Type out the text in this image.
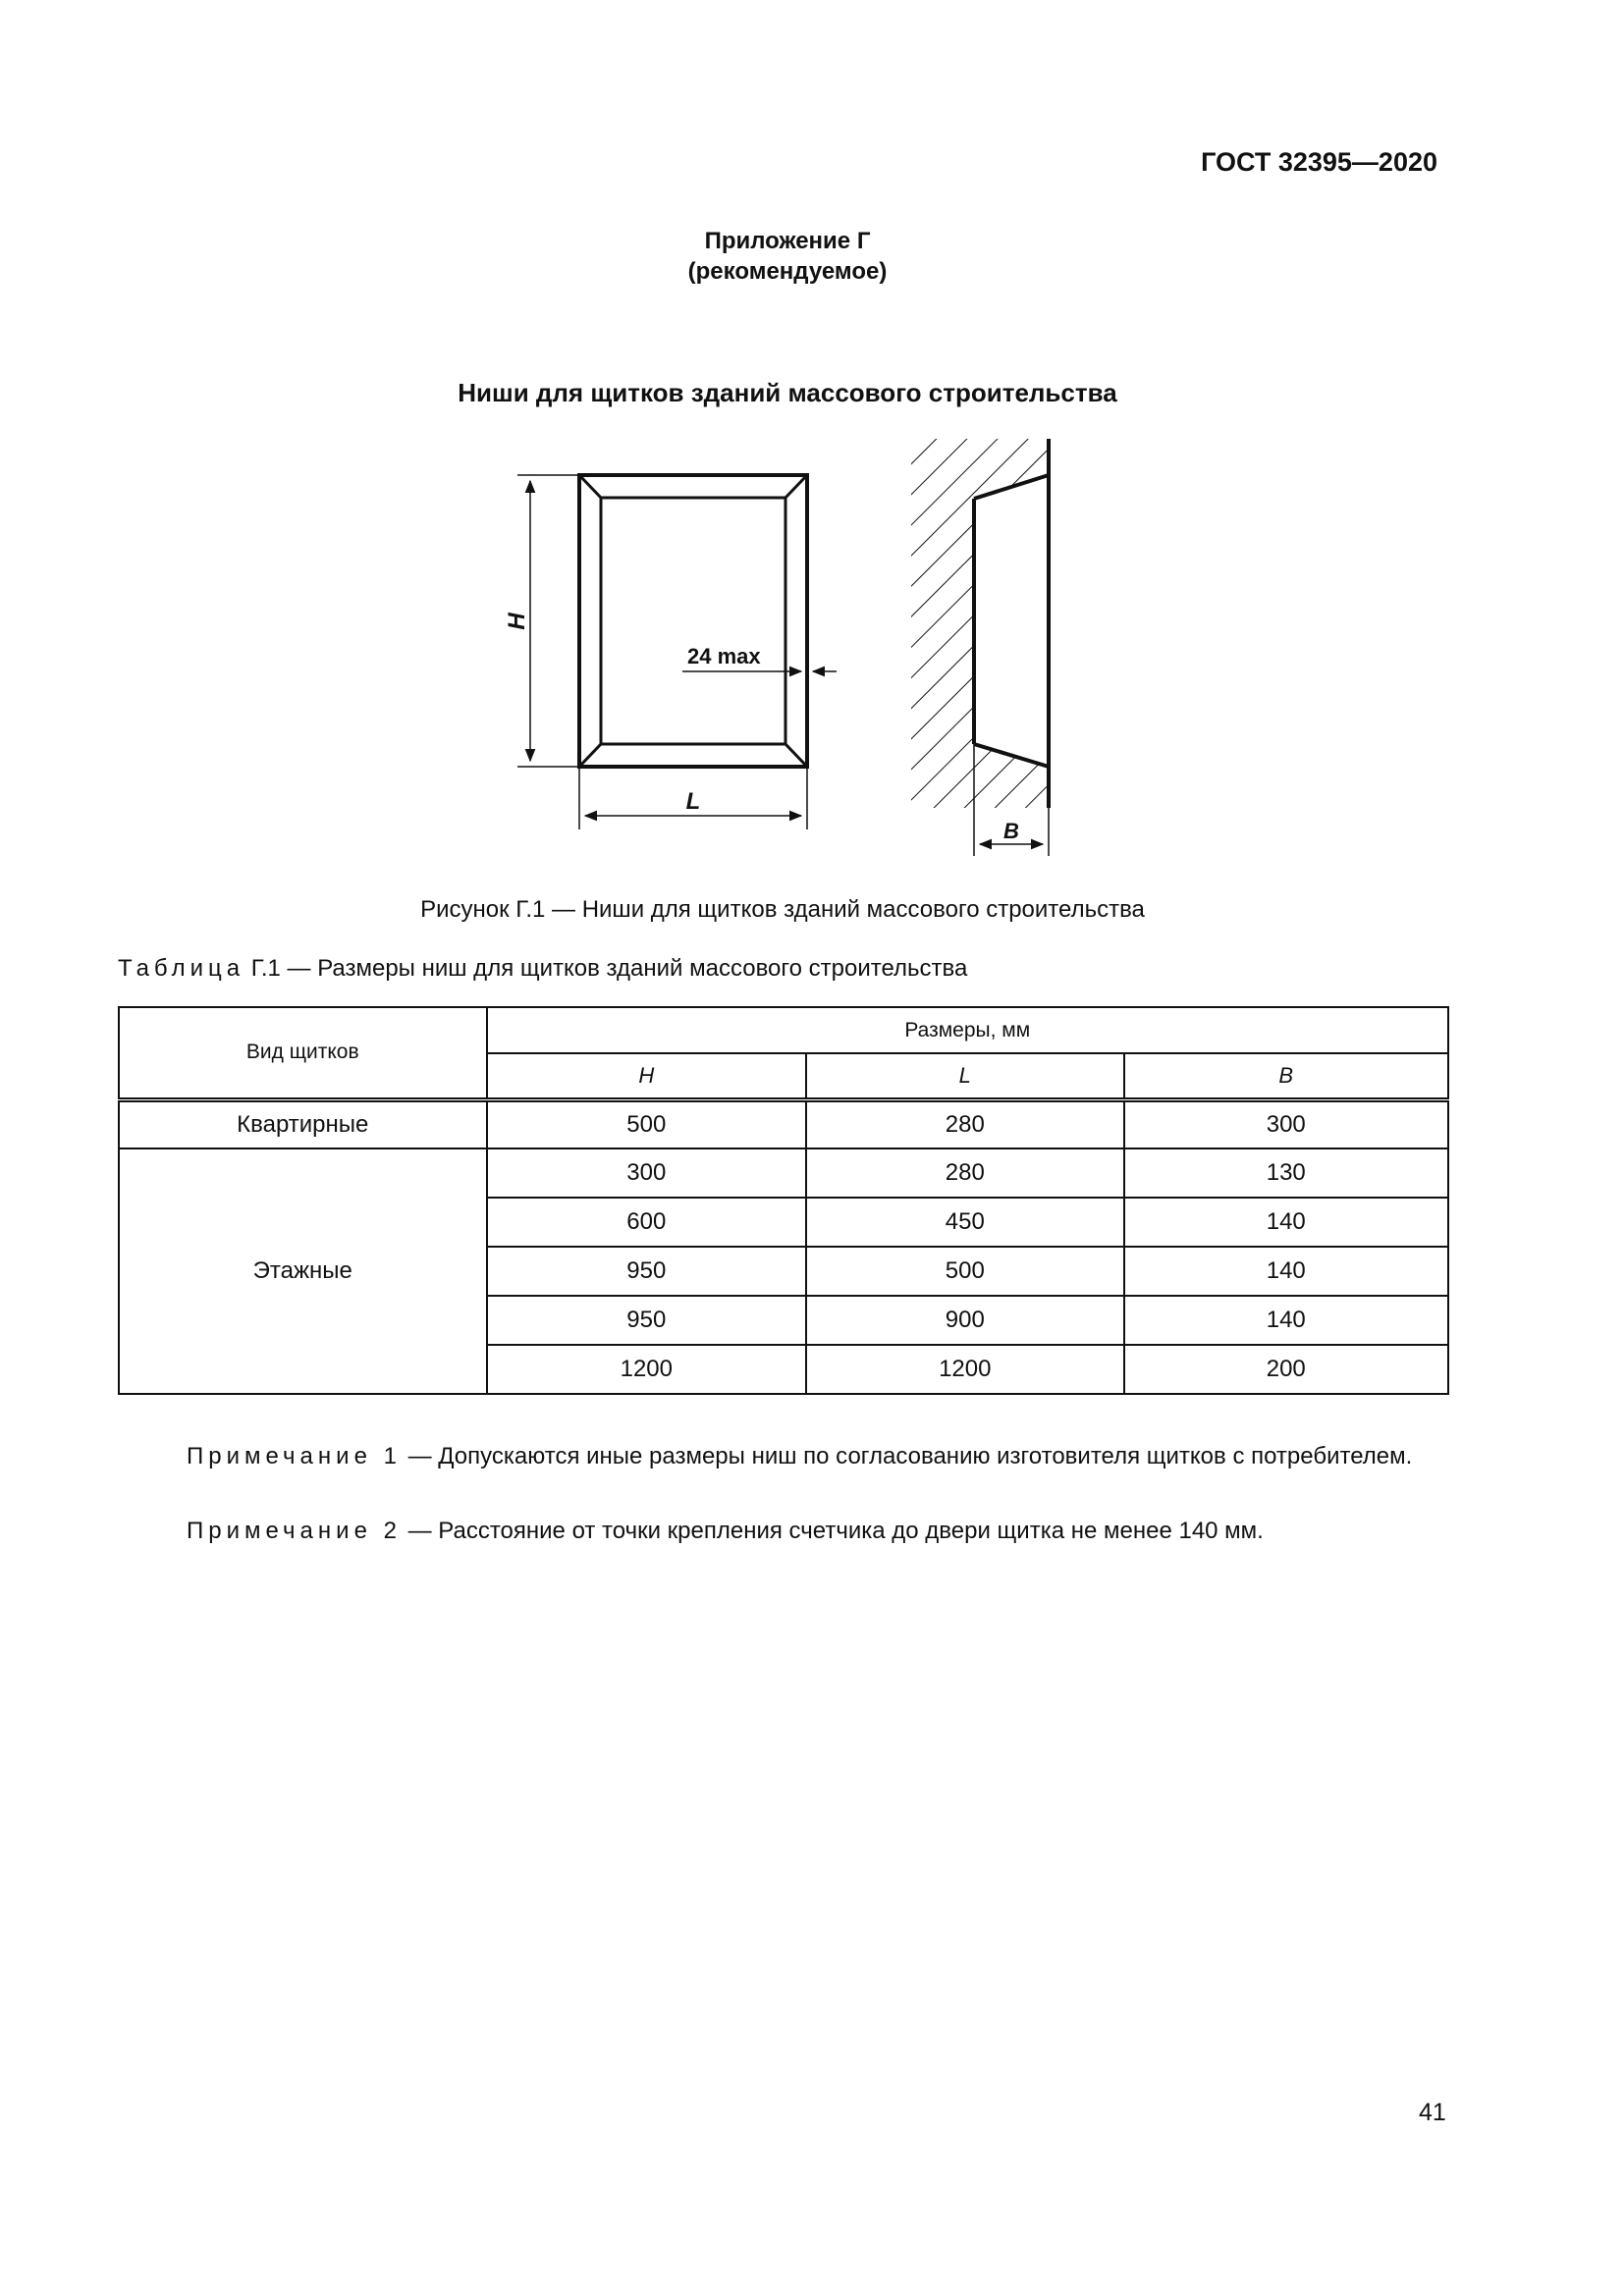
ГОСТ 32395—2020
Приложение Г
(рекомендуемое)
Ниши для щитков зданий массового строительства
H
L
24 max
B
Рисунок Г.1 — Ниши для щитков зданий массового строительства
Таблица Г.1 — Размеры ниш для щитков зданий массового строительства
Вид щитков	Размеры, мм		
	H	L	B
Квартирные	500	280	300
Этажные	300	280	130
	600	450	140
	950	500	140
	950	900	140
	1200	1200	200
Примечание 1 — Допускаются иные размеры ниш по согласованию изготовителя щитков с потребителем.
Примечание 2 — Расстояние от точки крепления счетчика до двери щитка не менее 140 мм.
41
